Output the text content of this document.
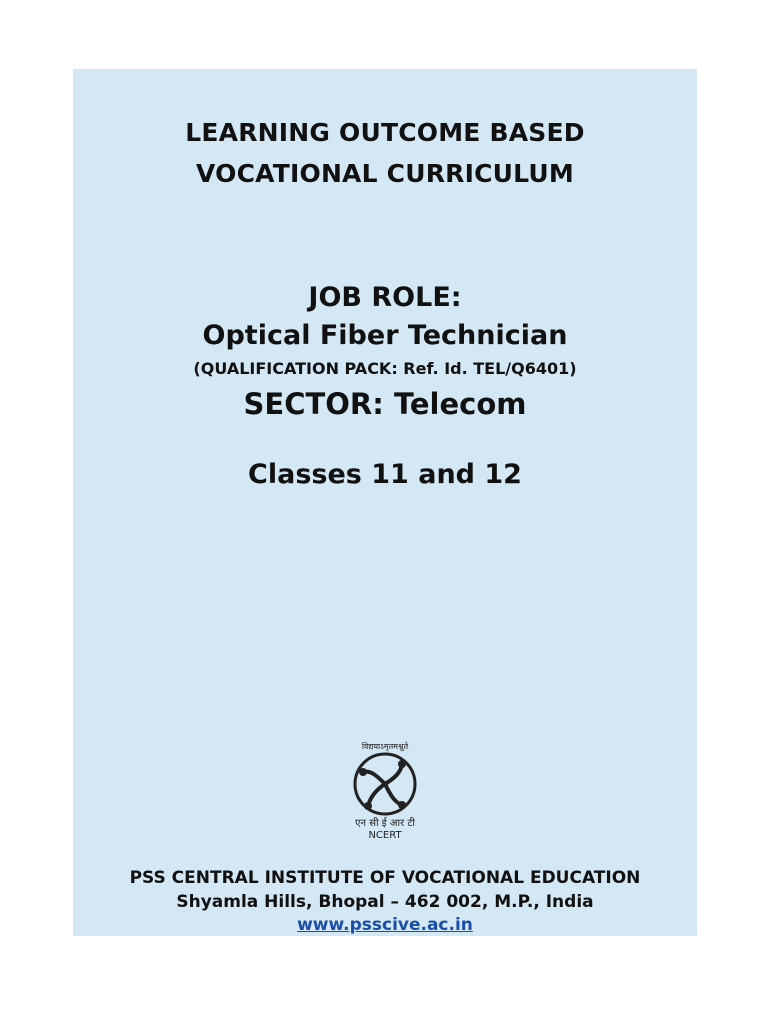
LEARNING OUTCOME BASED
VOCATIONAL CURRICULUM
JOB ROLE:
Optical Fiber Technician
(QUALIFICATION PACK: Ref. Id. TEL/Q6401)
SECTOR: Telecom
Classes 11 and 12
विद्ययाऽमृतमश्नुते
एन सी ई आर टी
NCERT
PSS CENTRAL INSTITUTE OF VOCATIONAL EDUCATION
Shyamla Hills, Bhopal – 462 002, M.P., India
www.psscive.ac.in
